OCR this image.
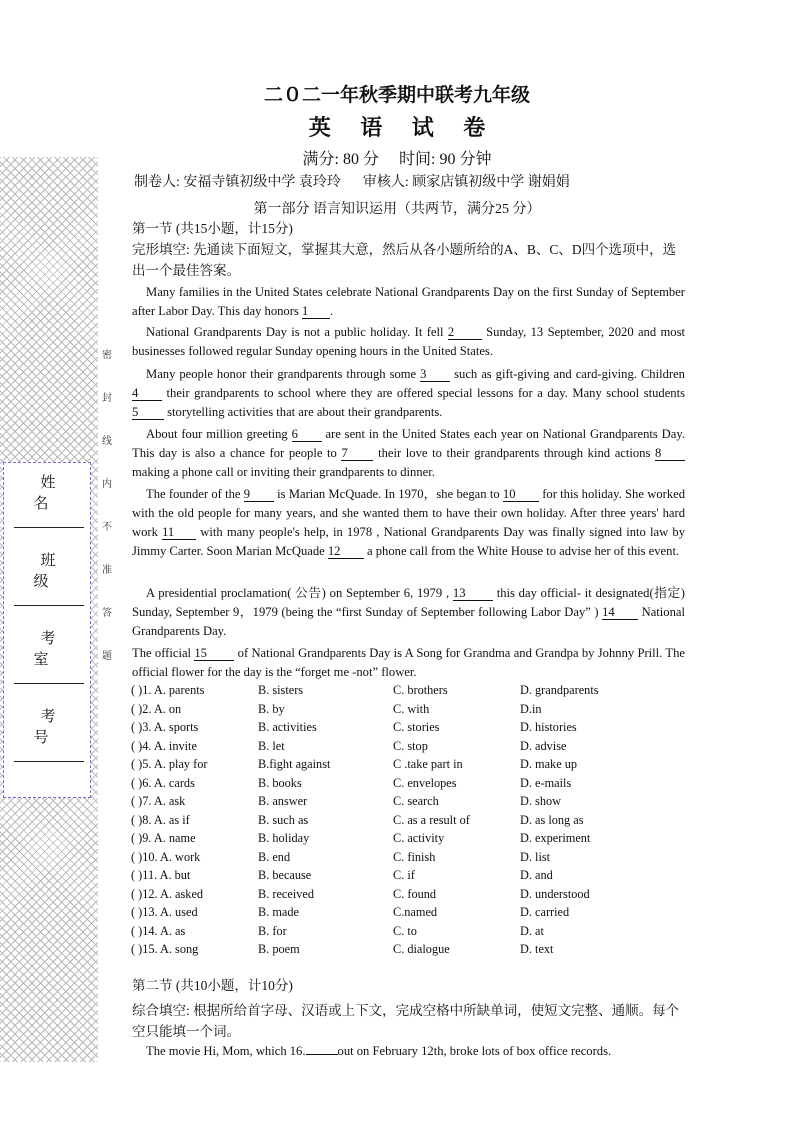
姓 名
班 级
考 室
考 号
密
封
线
内
不
准
答
题
二０二一年秋季期中联考九年级
英 语 试 卷
满分: 80 分 时间: 90 分钟
制卷人: 安福寺镇初级中学 袁玲玲 审核人: 顾家店镇初级中学 谢娟娟
第一部分 语言知识运用（共两节，满分25 分）
第一节 (共15小题，计15分)
完形填空: 先通读下面短文，掌握其大意，然后从各小题所给的A、B、C、D四个选项中，选出一个最佳答案。
Many families in the United States celebrate National Grandparents Day on the first Sunday of September after Labor Day. This day honors 1 .
National Grandparents Day is not a public holiday. It fell 2 Sunday, 13 September, 2020 and most businesses followed regular Sunday opening hours in the United States.
Many people honor their grandparents through some 3 such as gift-giving and card-giving. Children 4 their grandparents to school where they are offered special lessons for a day. Many school students 5 storytelling activities that are about their grandparents.
About four million greeting 6 are sent in the United States each year on National Grandparents Day. This day is also a chance for people to 7 their love to their grandparents through kind actions 8 making a phone call or inviting their grandparents to dinner.
The founder of the 9 is Marian McQuade. In 1970，she began to 10 for this holiday. She worked with the old people for many years, and she wanted them to have their own holiday. After three years' hard work 11 with many people's help, in 1978 , National Grandparents Day was finally signed into law by Jimmy Carter. Soon Marian McQuade 12 a phone call from the White House to advise her of this event.
A presidential proclamation( 公告) on September 6, 1979 , 13 this day official- it designated(指定) Sunday, September 9，1979 (being the “first Sunday of September following Labor Day” ) 14 National Grandparents Day.
The official 15 of National Grandparents Day is A Song for Grandma and Grandpa by Johnny Prill. The official flower for the day is the “forget me -not” flower.
( )1. A. parents	B. sisters	C. brothers	D. grandparents
( )2. A. on	B. by	C. with	D.in
( )3. A. sports	B. activities	C. stories	D. histories
( )4. A. invite	B. let	C. stop	D. advise
( )5. A. play for	B.fight against	C .take part in	D. make up
( )6. A. cards	B. books	C. envelopes	D. e-mails
( )7. A. ask	B. answer	C. search	D. show
( )8. A. as if	B. such as	C. as a result of	D. as long as
( )9. A. name	B. holiday	C. activity	D. experiment
( )10. A. work	B. end	C. finish	D. list
( )11. A. but	B. because	C. if	D. and
( )12. A. asked	B. received	C. found	D. understood
( )13. A. used	B. made	C.named	D. carried
( )14. A. as	B. for	C. to	D. at
( )15. A. song	B. poem	C. dialogue	D. text
第二节 (共10小题，计10分)
综合填空: 根据所给首字母、汉语或上下文，完成空格中所缺单词，使短文完整、通顺。每个空只能填一个词。
The movie Hi, Mom, which 16.	out on February 12th, broke lots of box office records.
